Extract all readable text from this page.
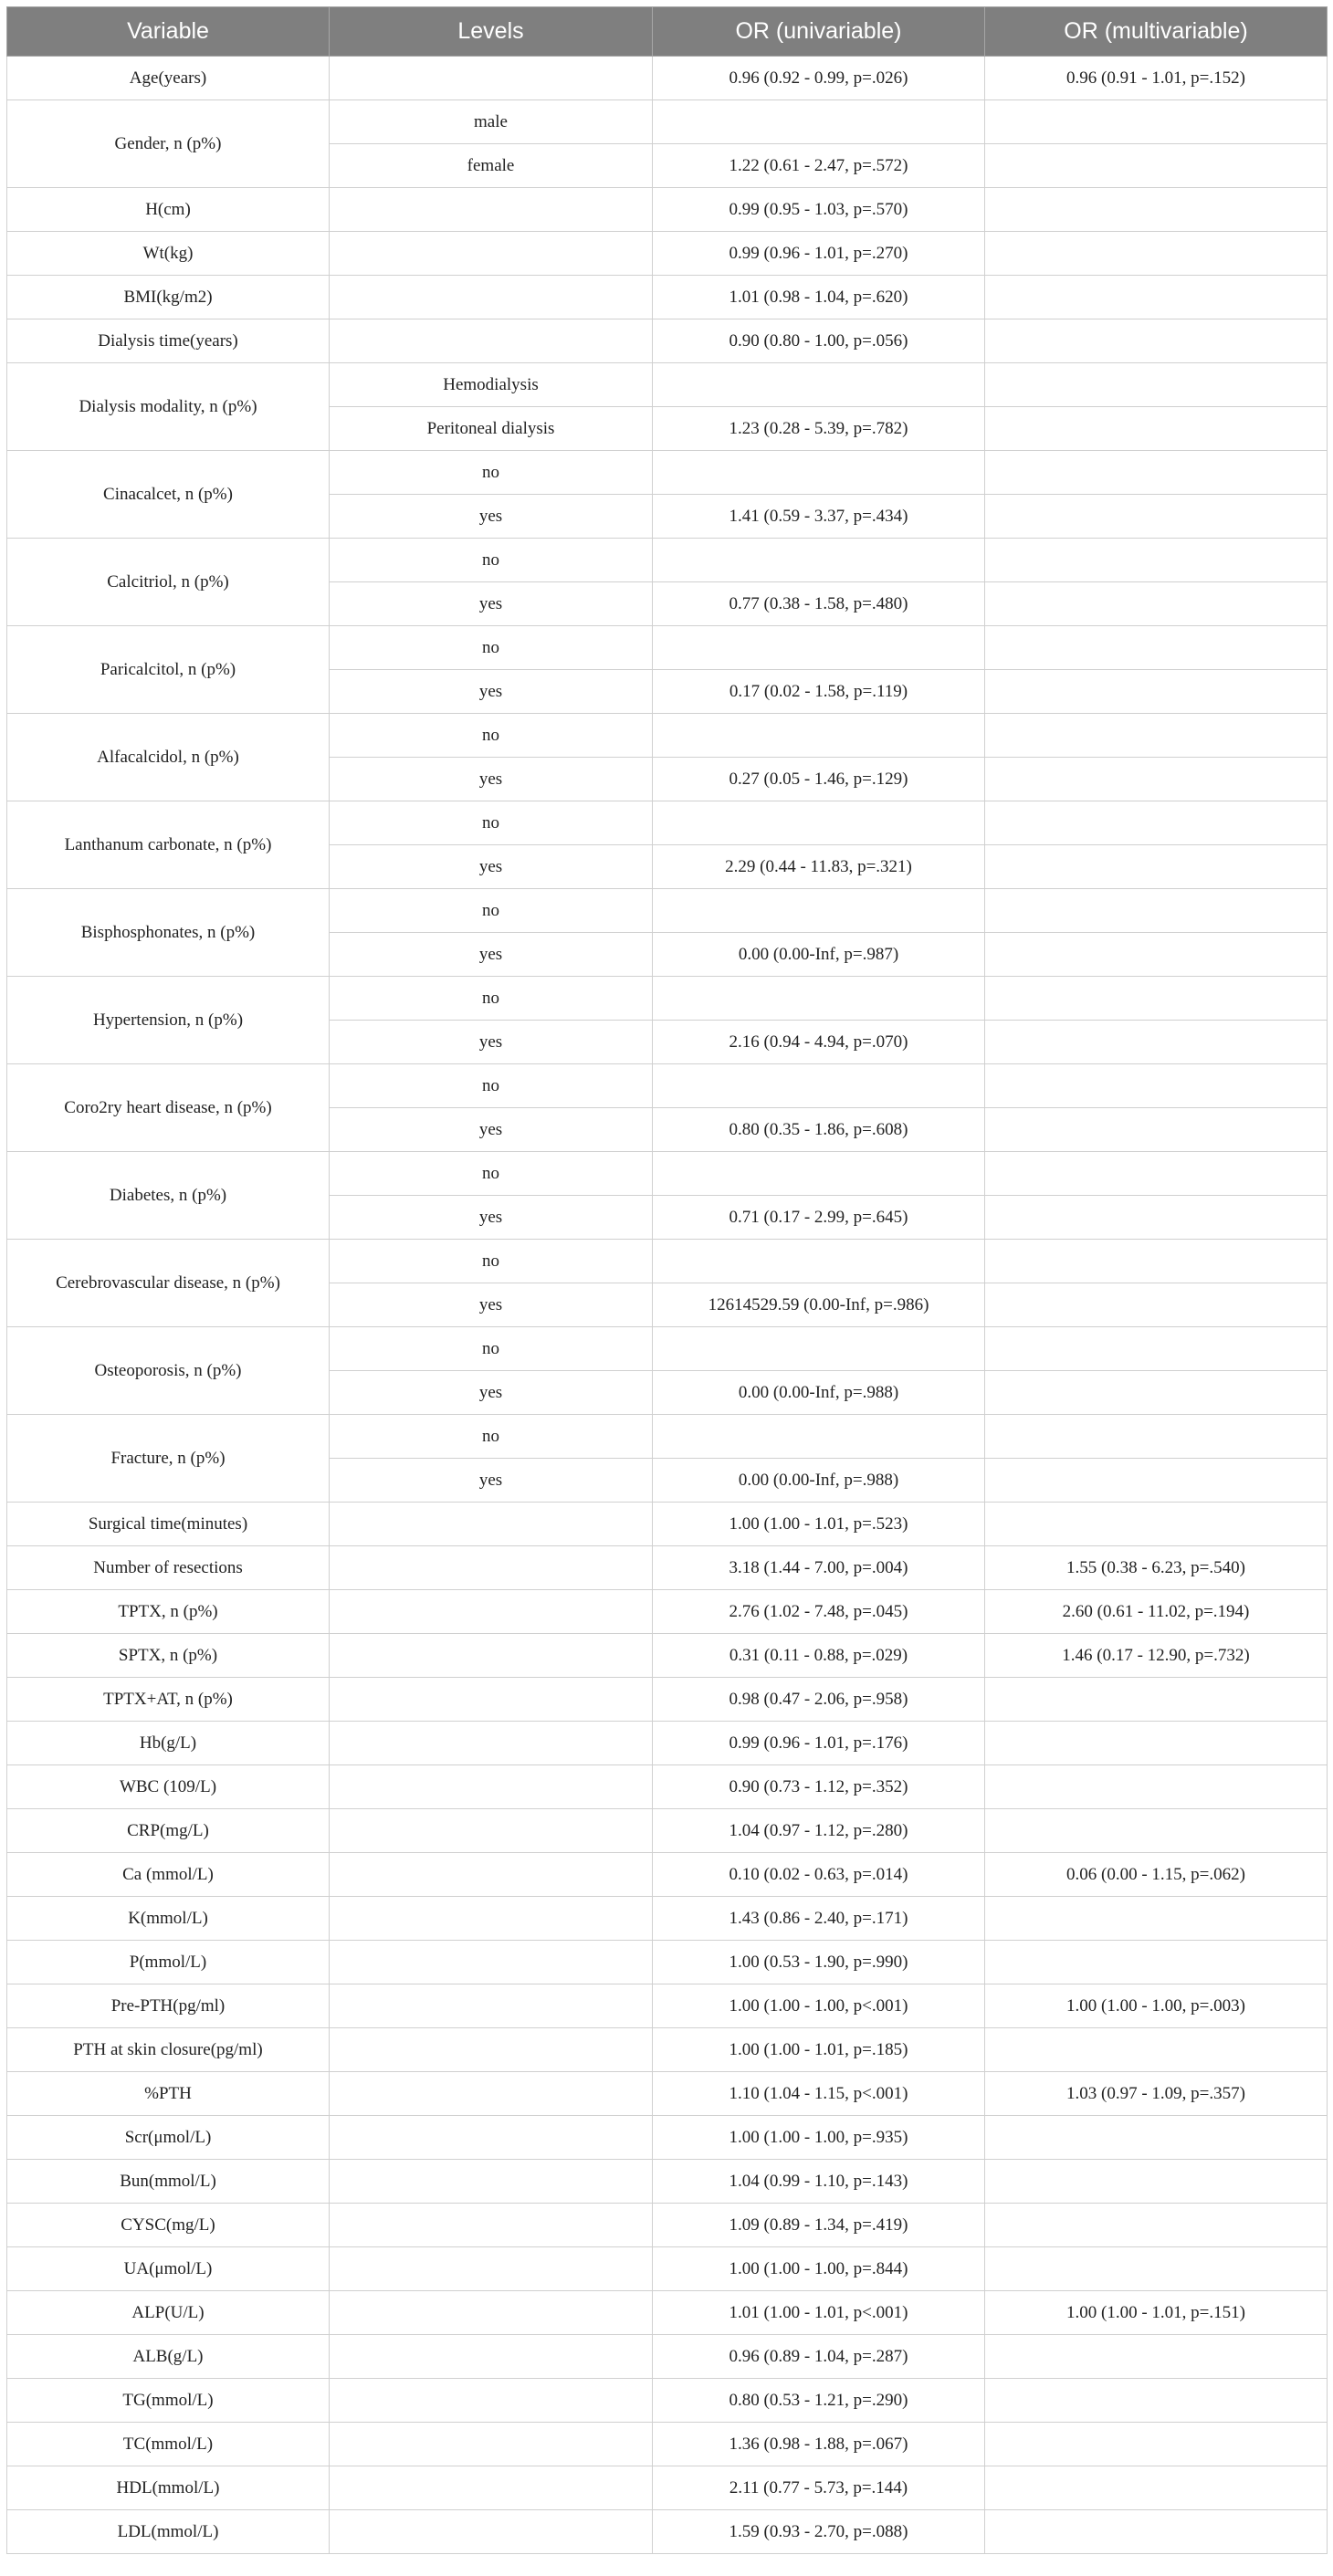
Variable	Levels	OR (univariable)	OR (multivariable)
Age(years)		0.96 (0.92 - 0.99, p=.026)	0.96 (0.91 - 1.01, p=.152)
Gender, n (p%)	male		
	female	1.22 (0.61 - 2.47, p=.572)	
H(cm)		0.99 (0.95 - 1.03, p=.570)	
Wt(kg)		0.99 (0.96 - 1.01, p=.270)	
BMI(kg/m2)		1.01 (0.98 - 1.04, p=.620)	
Dialysis time(years)		0.90 (0.80 - 1.00, p=.056)	
Dialysis modality, n (p%)	Hemodialysis		
	Peritoneal dialysis	1.23 (0.28 - 5.39, p=.782)	
Cinacalcet, n (p%)	no		
	yes	1.41 (0.59 - 3.37, p=.434)	
Calcitriol, n (p%)	no		
	yes	0.77 (0.38 - 1.58, p=.480)	
Paricalcitol, n (p%)	no		
	yes	0.17 (0.02 - 1.58, p=.119)	
Alfacalcidol, n (p%)	no		
	yes	0.27 (0.05 - 1.46, p=.129)	
Lanthanum carbonate, n (p%)	no		
	yes	2.29 (0.44 - 11.83, p=.321)	
Bisphosphonates, n (p%)	no		
	yes	0.00 (0.00-Inf, p=.987)	
Hypertension, n (p%)	no		
	yes	2.16 (0.94 - 4.94, p=.070)	
Coro2ry heart disease, n (p%)	no		
	yes	0.80 (0.35 - 1.86, p=.608)	
Diabetes, n (p%)	no		
	yes	0.71 (0.17 - 2.99, p=.645)	
Cerebrovascular disease, n (p%)	no		
	yes	12614529.59 (0.00-Inf, p=.986)	
Osteoporosis, n (p%)	no		
	yes	0.00 (0.00-Inf, p=.988)	
Fracture, n (p%)	no		
	yes	0.00 (0.00-Inf, p=.988)	
Surgical time(minutes)		1.00 (1.00 - 1.01, p=.523)	
Number of resections		3.18 (1.44 - 7.00, p=.004)	1.55 (0.38 - 6.23, p=.540)
TPTX, n (p%)		2.76 (1.02 - 7.48, p=.045)	2.60 (0.61 - 11.02, p=.194)
SPTX, n (p%)		0.31 (0.11 - 0.88, p=.029)	1.46 (0.17 - 12.90, p=.732)
TPTX+AT, n (p%)		0.98 (0.47 - 2.06, p=.958)	
Hb(g/L)		0.99 (0.96 - 1.01, p=.176)	
WBC (109/L)		0.90 (0.73 - 1.12, p=.352)	
CRP(mg/L)		1.04 (0.97 - 1.12, p=.280)	
Ca (mmol/L)		0.10 (0.02 - 0.63, p=.014)	0.06 (0.00 - 1.15, p=.062)
K(mmol/L)		1.43 (0.86 - 2.40, p=.171)	
P(mmol/L)		1.00 (0.53 - 1.90, p=.990)	
Pre-PTH(pg/ml)		1.00 (1.00 - 1.00, p<.001)	1.00 (1.00 - 1.00, p=.003)
PTH at skin closure(pg/ml)		1.00 (1.00 - 1.01, p=.185)	
%PTH		1.10 (1.04 - 1.15, p<.001)	1.03 (0.97 - 1.09, p=.357)
Scr(μmol/L)		1.00 (1.00 - 1.00, p=.935)	
Bun(mmol/L)		1.04 (0.99 - 1.10, p=.143)	
CYSC(mg/L)		1.09 (0.89 - 1.34, p=.419)	
UA(μmol/L)		1.00 (1.00 - 1.00, p=.844)	
ALP(U/L)		1.01 (1.00 - 1.01, p<.001)	1.00 (1.00 - 1.01, p=.151)
ALB(g/L)		0.96 (0.89 - 1.04, p=.287)	
TG(mmol/L)		0.80 (0.53 - 1.21, p=.290)	
TC(mmol/L)		1.36 (0.98 - 1.88, p=.067)	
HDL(mmol/L)		2.11 (0.77 - 5.73, p=.144)	
LDL(mmol/L)		1.59 (0.93 - 2.70, p=.088)	
